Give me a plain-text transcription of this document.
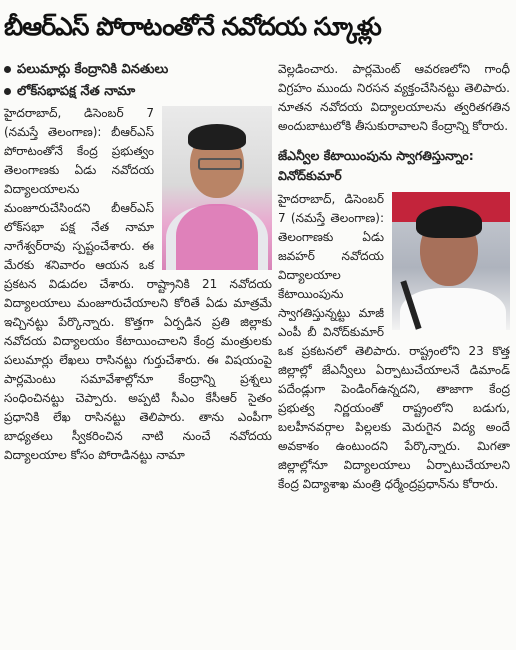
బీఆర్ఎస్ పోరాటంతోనే నవోదయ స్కూళ్లు
పలుమార్లు కేంద్రానికి వినతులు
లోక్‌సభాపక్ష నేత నామా

హైదరాబాద్, డిసెంబర్ 7 (నమస్తే తెలంగాణ): బీఆర్ఎస్ పోరాటంతోనే కేంద్ర ప్రభుత్వం తెలంగాణకు ఏడు నవోదయ విద్యాలయాలను మంజూరుచేసిందని బీఆర్ఎస్ లోక్‌సభా పక్ష నేత నామా నాగేశ్వర్‌రావు స్పష్టంచేశారు. ఈ మేరకు శనివారం ఆయన ఒక ప్రకటన విడుదల చేశారు. రాష్ట్రానికి 21 నవోదయ విద్యాలయాలు మంజూరుచేయాలని కోరితే ఏడు మాత్రమే ఇచ్చినట్టు పేర్కొన్నారు. కొత్తగా ఏర్పడిన ప్రతి జిల్లాకు నవోదయ విద్యాలయం కేటాయించాలని కేంద్ర మంత్రులకు పలుమార్లు లేఖలు రాసినట్టు గుర్తుచేశారు. ఈ విషయంపై పార్లమెంటు సమావేశాల్లోనూ కేంద్రాన్ని ప్రశ్నలు సంధించినట్టు చెప్పారు. అప్పటి సీఎం కేసీఆర్ సైతం ప్రధానికి లేఖ రాసినట్టు తెలిపారు. తాను ఎంపీగా బాధ్యతలు స్వీకరించిన నాటి నుంచే నవోదయ విద్యాలయాల కోసం పోరాడినట్టు నామా

వెల్లడించారు. పార్లమెంట్ ఆవరణలోని గాంధీ విగ్రహం ముందు నిరసన వ్యక్తంచేసినట్టు తెలిపారు. నూతన నవోదయ విద్యాలయాలను త్వరితగతిన అందుబాటులోకి తీసుకురావాలని కేంద్రాన్ని కోరారు.

జేఎన్వీల కేటాయింపును స్వాగతిస్తున్నాం: వినోద్‌కుమార్

హైదరాబాద్, డిసెంబర్ 7 (నమస్తే తెలంగాణ): తెలంగాణకు ఏడు జవహర్ నవోదయ విద్యాలయాల కేటాయింపును స్వాగతిస్తున్నట్టు మాజీ ఎంపీ బీ వినోద్‌కుమార్ ఒక ప్రకటనలో తెలిపారు. రాష్ట్రంలోని 23 కొత్త జిల్లాల్లో జేఎన్వీలు ఏర్పాటుచేయాలనే డిమాండ్ పదేండ్లుగా పెండింగ్‌ఉన్నదని, తాజాగా కేంద్ర ప్రభుత్వ నిర్ణయంతో రాష్ట్రంలోని బడుగు, బలహీనవర్గాల పిల్లలకు మెరుగైన విద్య అందే అవకాశం ఉంటుందని పేర్కొన్నారు. మిగతా జిల్లాల్లోనూ విద్యాలయాలు ఏర్పాటుచేయాలని కేంద్ర విద్యాశాఖ మంత్రి ధర్మేంద్రప్రధాన్‌ను కోరారు.
